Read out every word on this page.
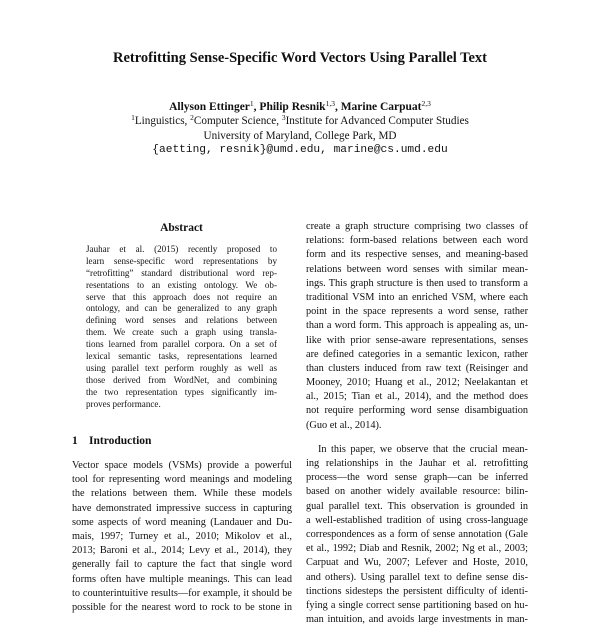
Retrofitting Sense-Specific Word Vectors Using Parallel Text
Allyson Ettinger$^1$, Philip Resnik$^{1,3}$, Marine Carpuat$^{2,3}$
$^1$Linguistics, $^2$Computer Science, $^3$Institute for Advanced Computer Studies
University of Maryland, College Park, MD
{aetting, resnik}@umd.edu, marine@cs.umd.edu
Abstract
Jauhar et al. (2015) recently proposed to
learn sense-specific word representations by
“retrofitting” standard distributional word rep-
resentations to an existing ontology. We ob-
serve that this approach does not require an
ontology, and can be generalized to any graph
defining word senses and relations between
them. We create such a graph using transla-
tions learned from parallel corpora. On a set of
lexical semantic tasks, representations learned
using parallel text perform roughly as well as
those derived from WordNet, and combining
the two representation types significantly im-
proves performance.
1 Introduction
Vector space models (VSMs) provide a powerful
tool for representing word meanings and modeling
the relations between them. While these models
have demonstrated impressive success in capturing
some aspects of word meaning (Landauer and Du-
mais, 1997; Turney et al., 2010; Mikolov et al.,
2013; Baroni et al., 2014; Levy et al., 2014), they
generally fail to capture the fact that single word
forms often have multiple meanings. This can lead
to counterintuitive results—for example, it should be
possible for the nearest word to rock to be stone in
create a graph structure comprising two classes of
relations: form-based relations between each word
form and its respective senses, and meaning-based
relations between word senses with similar mean-
ings. This graph structure is then used to transform a
traditional VSM into an enriched VSM, where each
point in the space represents a word sense, rather
than a word form. This approach is appealing as, un-
like with prior sense-aware representations, senses
are defined categories in a semantic lexicon, rather
than clusters induced from raw text (Reisinger and
Mooney, 2010; Huang et al., 2012; Neelakantan et
al., 2015; Tian et al., 2014), and the method does
not require performing word sense disambiguation
(Guo et al., 2014).
In this paper, we observe that the crucial mean-
ing relationships in the Jauhar et al. retrofitting
process—the word sense graph—can be inferred
based on another widely available resource: bilin-
gual parallel text. This observation is grounded in
a well-established tradition of using cross-language
correspondences as a form of sense annotation (Gale
et al., 1992; Diab and Resnik, 2002; Ng et al., 2003;
Carpuat and Wu, 2007; Lefever and Hoste, 2010,
and others). Using parallel text to define sense dis-
tinctions sidesteps the persistent difficulty of identi-
fying a single correct sense partitioning based on hu-
man intuition, and avoids large investments in man-
